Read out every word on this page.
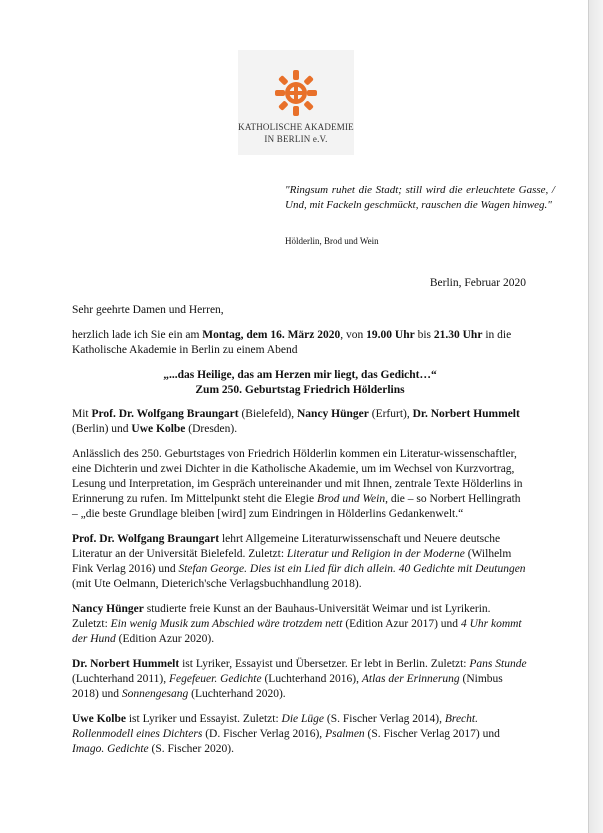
KATHOLISCHE AKADEMIE
IN BERLIN e.V.
"Ringsum ruhet die Stadt; still wird die erleuchtete Gasse, / Und, mit Fackeln geschmückt, rauschen die Wagen hinweg."
Hölderlin, Brod und Wein
Berlin, Februar 2020

Sehr geehrte Damen und Herren,

herzlich lade ich Sie ein am Montag, dem 16. März 2020, von 19.00 Uhr bis 21.30 Uhr in die Katholische Akademie in Berlin zu einem Abend

„...das Heilige, das am Herzen mir liegt, das Gedicht…“
Zum 250. Geburtstag Friedrich Hölderlins

Mit Prof. Dr. Wolfgang Braungart (Bielefeld), Nancy Hünger (Erfurt), Dr. Norbert Hummelt (Berlin) und Uwe Kolbe (Dresden).

Anlässlich des 250. Geburtstages von Friedrich Hölderlin kommen ein Literatur-wissenschaftler, eine Dichterin und zwei Dichter in die Katholische Akademie, um im Wechsel von Kurzvortrag, Lesung und Interpretation, im Gespräch untereinander und mit Ihnen, zentrale Texte Hölderlins in Erinnerung zu rufen. Im Mittelpunkt steht die Elegie Brod und Wein, die – so Norbert Hellingrath – „die beste Grundlage bleiben [wird] zum Eindringen in Hölderlins Gedankenwelt.“

Prof. Dr. Wolfgang Braungart lehrt Allgemeine Literaturwissenschaft und Neuere deutsche Literatur an der Universität Bielefeld. Zuletzt: Literatur und Religion in der Moderne (Wilhelm Fink Verlag 2016) und Stefan George. Dies ist ein Lied für dich allein. 40 Gedichte mit Deutungen (mit Ute Oelmann, Dieterich'sche Verlagsbuchhandlung 2018).

Nancy Hünger studierte freie Kunst an der Bauhaus-Universität Weimar und ist Lyrikerin. Zuletzt: Ein wenig Musik zum Abschied wäre trotzdem nett (Edition Azur 2017) und 4 Uhr kommt der Hund (Edition Azur 2020).

Dr. Norbert Hummelt ist Lyriker, Essayist und Übersetzer. Er lebt in Berlin. Zuletzt: Pans Stunde (Luchterhand 2011), Fegefeuer. Gedichte (Luchterhand 2016), Atlas der Erinnerung (Nimbus 2018) und Sonnengesang (Luchterhand 2020).

Uwe Kolbe ist Lyriker und Essayist. Zuletzt: Die Lüge (S. Fischer Verlag 2014), Brecht. Rollenmodell eines Dichters (D. Fischer Verlag 2016), Psalmen (S. Fischer Verlag 2017) und Imago. Gedichte (S. Fischer 2020).
